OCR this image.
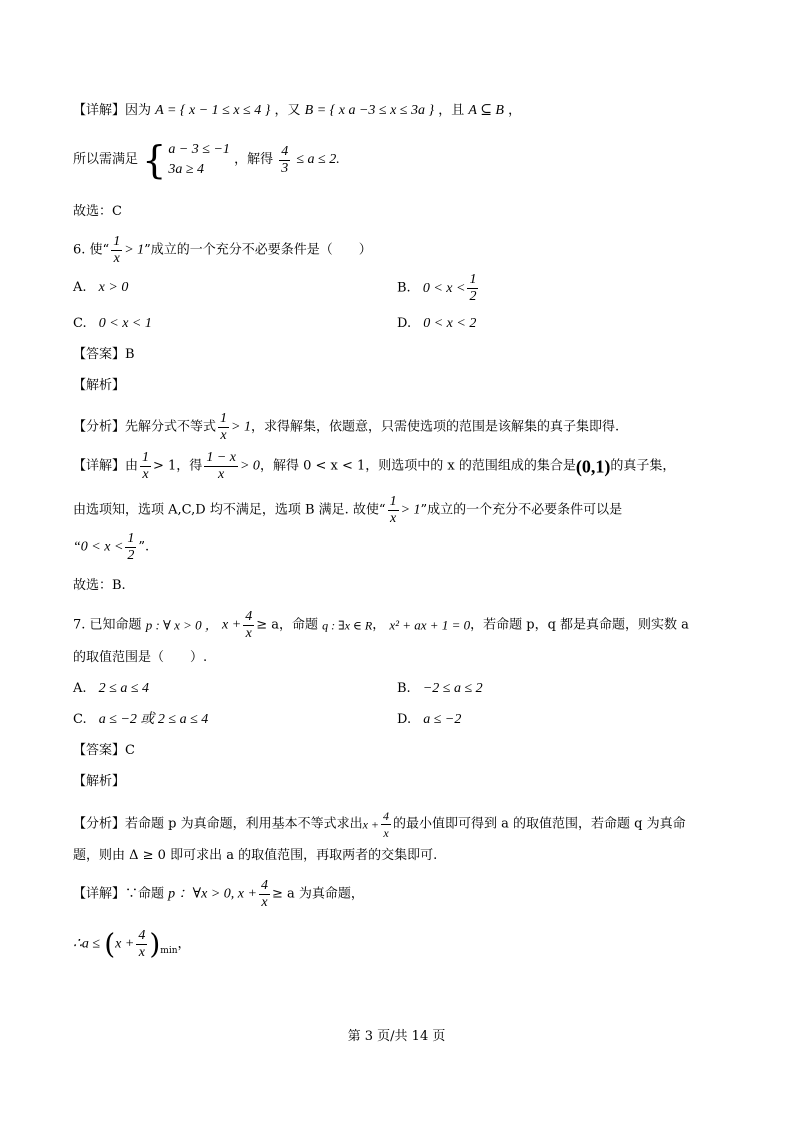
【详解】因为 A = { x − 1 ≤ x ≤ 4 } ，又 B = { x a −3 ≤ x ≤ 3a } ，且 A ⊆ B ，
所以需满足 { a − 3 ≤ −1
3a ≥ 4
，解得 $\frac{4}{3} \le a \le 2$.
故选：C
6. 使“ $\frac{1}{x} > 1$”成立的一个充分不必要条件是（　　）
A. x > 0	B. $0 < x < \frac{1}{2}$
C. 0 < x < 1	D. 0 < x < 2
【答案】B
【解析】
【分析】先解分式不等式 $\frac{1}{x} > 1$，求得解集，依题意，只需使选项的范围是该解集的真子集即得.
【详解】由 $\frac{1}{x} > 1$，得 $\frac{1 - x}{x} > 0$，解得 0 < x < 1，则选项中的 x 的范围组成的集合是(0,1)的真子集，
由选项知，选项 A,C,D 均不满足，选项 B 满足. 故使“ $\frac{1}{x} > 1$”成立的一个充分不必要条件可以是
“$0 < x < \frac{1}{2}$ ”.
故选：B.
7. 已知命题 p : ∀ x > 0 ， $x + \frac{4}{x} \ge a$，命题 q : ∃x ∈ R， x² + ax + 1 = 0，若命题 p，q 都是真命题，则实数 a
的取值范围是（　　）.
A. 2 ≤ a ≤ 4	B. −2 ≤ a ≤ 2
C. a ≤ −2 或 2 ≤ a ≤ 4	D. a ≤ −2
【答案】C
【解析】
【分析】若命题 p 为真命题，利用基本不等式求出$x + \frac{4}{x}$ 的最小值即可得到 a 的取值范围，若命题 q 为真命
题，则由 Δ ≥ 0 即可求出 a 的取值范围，再取两者的交集即可.
【详解】∵命题 p ：∀x > 0, $x + \frac{4}{x} \ge a$ 为真命题，
∴a ≤ $(x + \frac{4}{x} )\min$，
第 3 页/共 14 页
